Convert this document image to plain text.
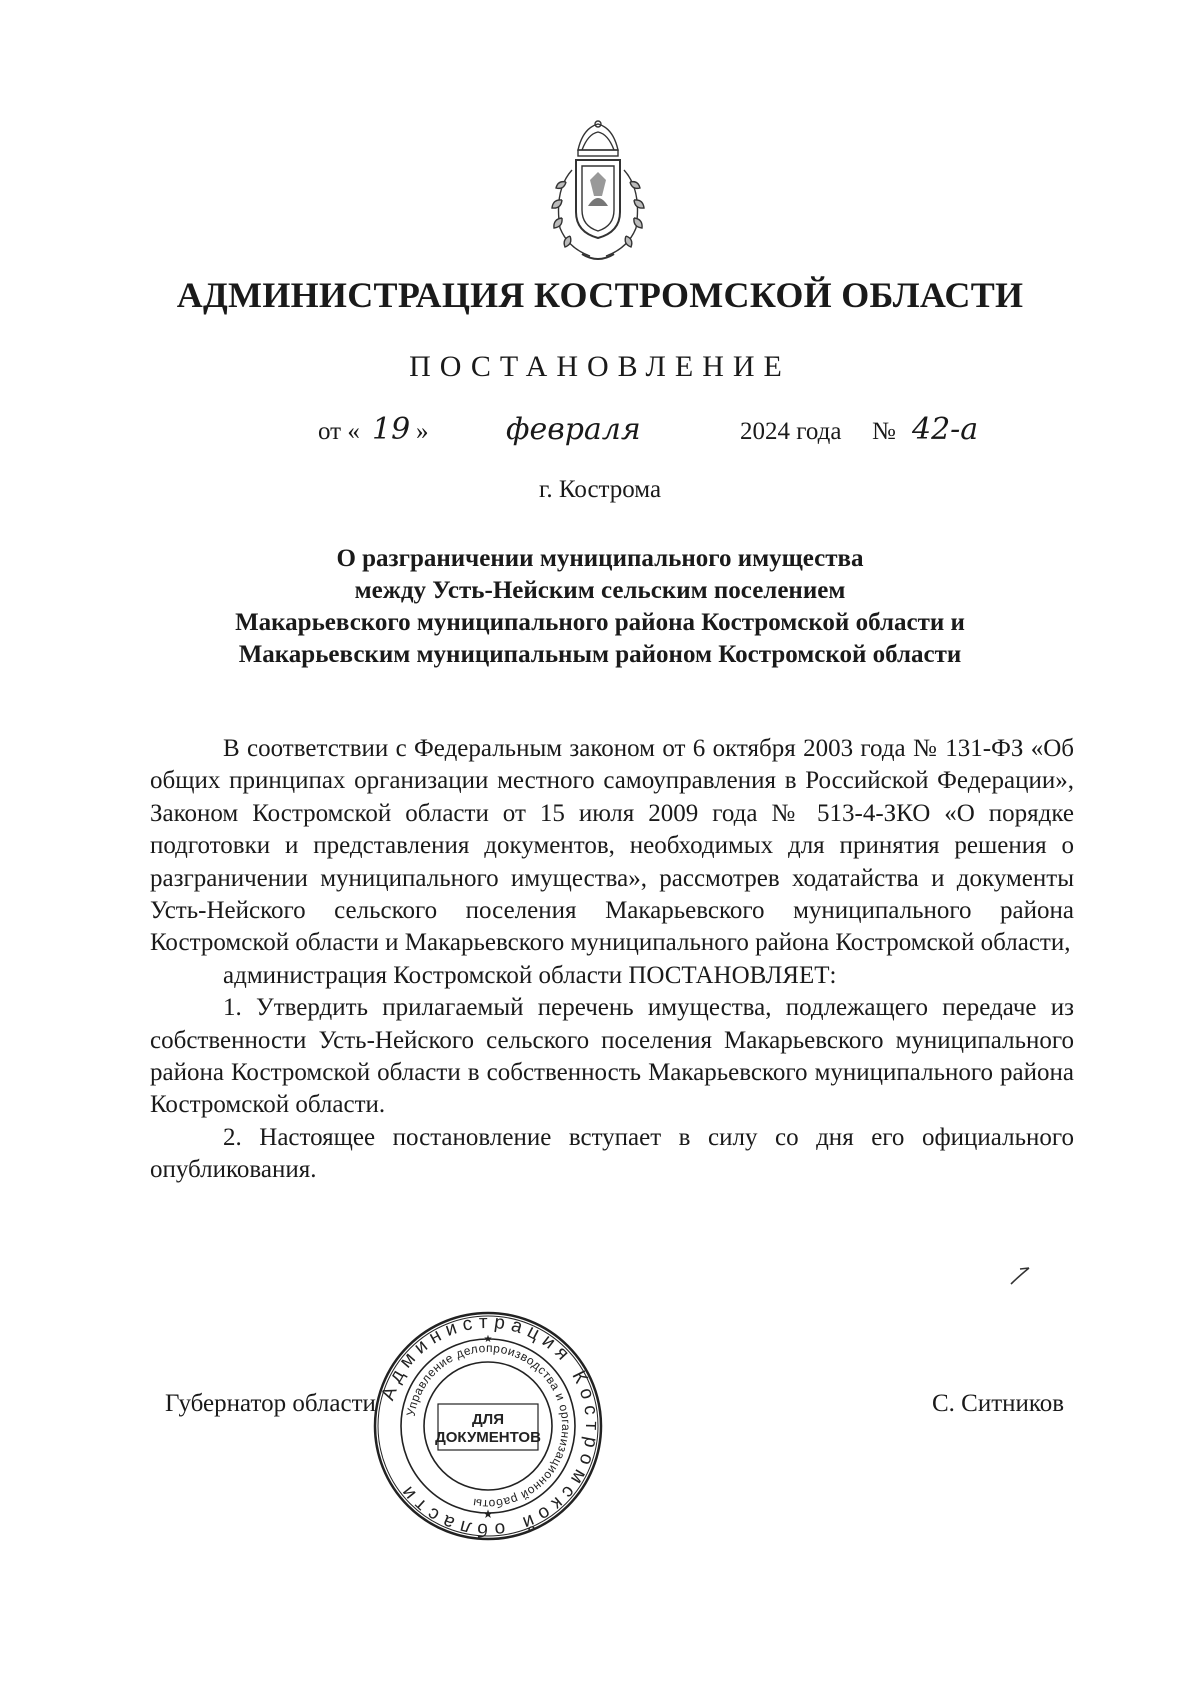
АДМИНИСТРАЦИЯ КОСТРОМСКОЙ ОБЛАСТИ
ПОСТАНОВЛЕНИЕ
от « 19 »	февраля	2024 года № 42-а
г. Кострома
О разграничении муниципального имущества
между Усть-Нейским сельским поселением
Макарьевского муниципального района Костромской области и
Макарьевским муниципальным районом Костромской области

В соответствии с Федеральным законом от 6 октября 2003 года № 131-ФЗ «Об общих принципах организации местного самоуправления в Российской Федерации», Законом Костромской области от 15 июля 2009 года № 513-4-ЗКО «О порядке подготовки и представления документов, необходимых для принятия решения о разграничении муниципального имущества», рассмотрев ходатайства и документы Усть-Нейского сельского поселения Макарьевского муниципального района Костромской области и Макарьевского муниципального района Костромской области,

администрация Костромской области ПОСТАНОВЛЯЕТ:

1. Утвердить прилагаемый перечень имущества, подлежащего передаче из собственности Усть-Нейского сельского поселения Макарьевского муниципального района Костромской области в собственность Макарьевского муниципального района Костромской области.

2. Настоящее постановление вступает в силу со дня его официального опубликования.

Губернатор области	С. Ситников
Администрация Костромской области
Управление делопроизводства и организационной работы
ДЛЯ
ДОКУМЕНТОВ
★
★
